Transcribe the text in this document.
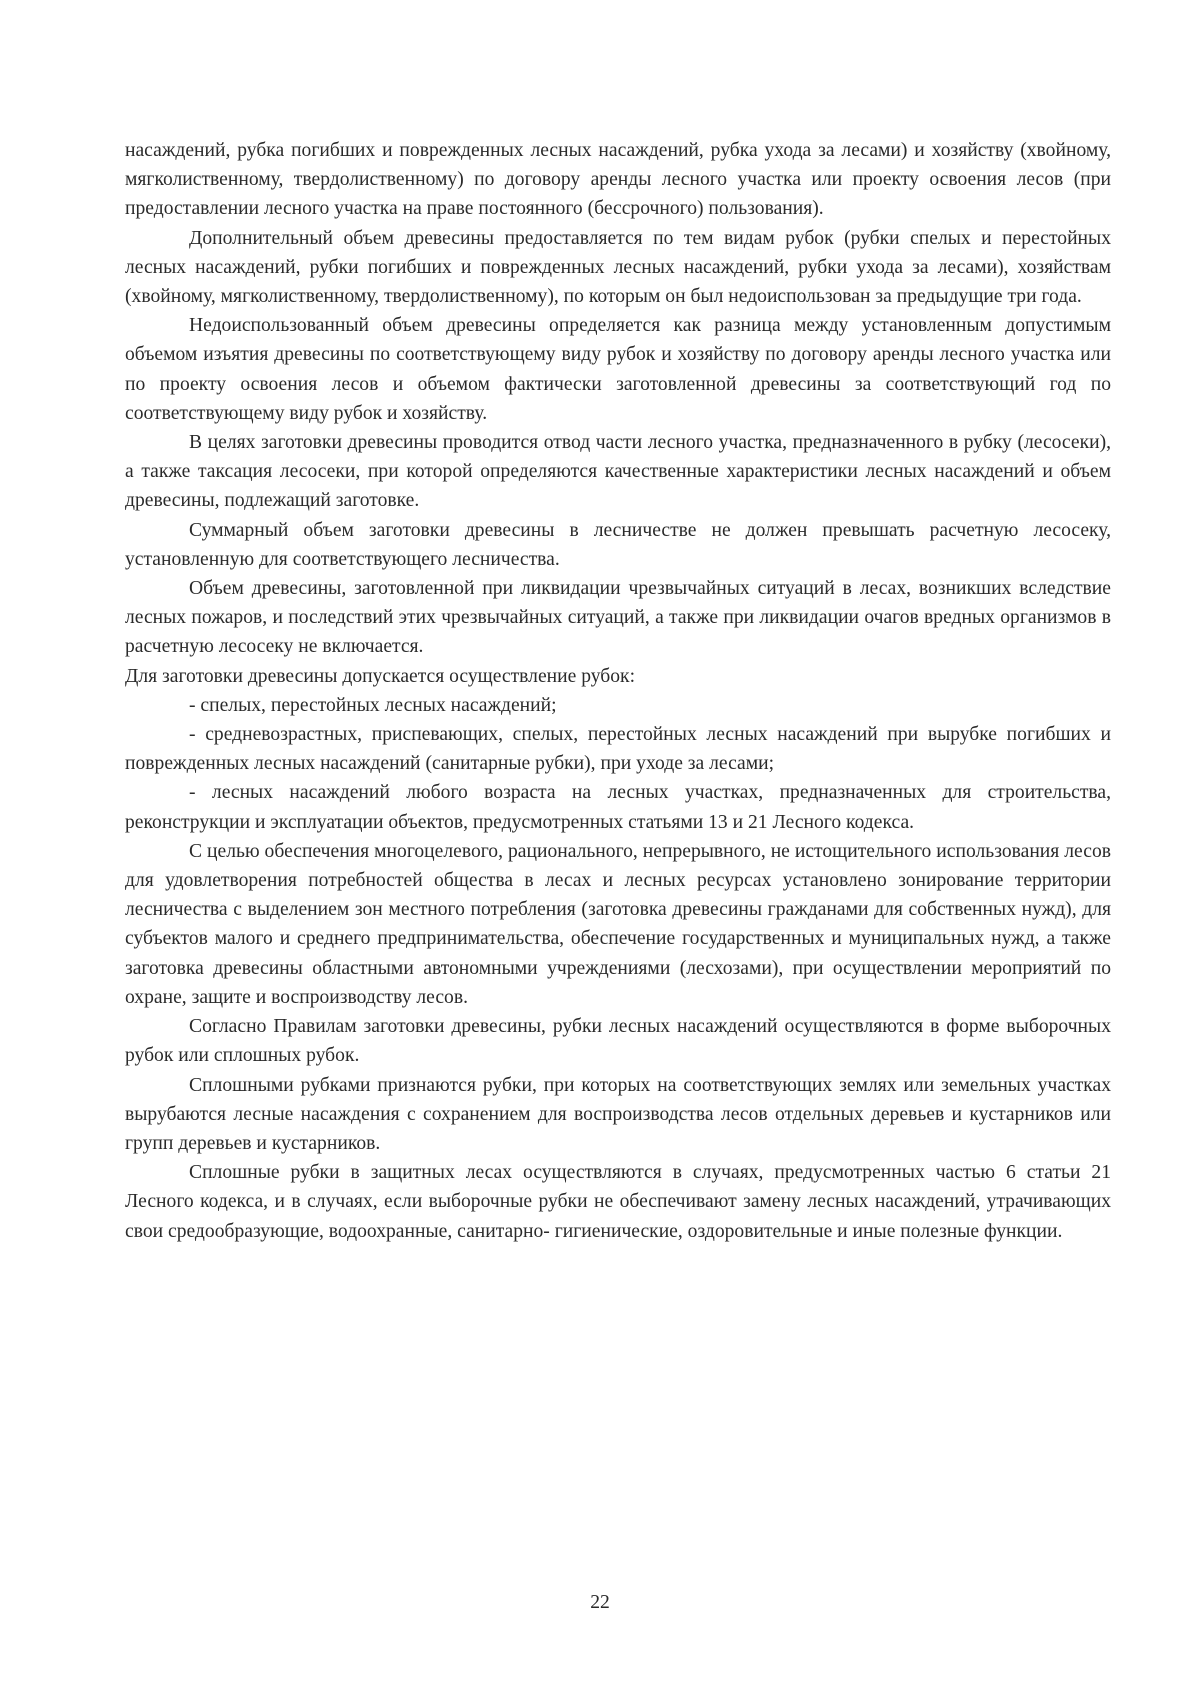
насаждений, рубка погибших и поврежденных лесных насаждений, рубка ухода за лесами) и хозяйству (хвойному, мягколиственному, твердолиственному) по договору аренды лесного участка или проекту освоения лесов (при предоставлении лесного участка на праве постоянного (бессрочного) пользования).

Дополнительный объем древесины предоставляется по тем видам рубок (рубки спелых и перестойных лесных насаждений, рубки погибших и поврежденных лесных насаждений, рубки ухода за лесами), хозяйствам (хвойному, мягколиственному, твердолиственному), по которым он был недоиспользован за предыдущие три года.

Недоиспользованный объем древесины определяется как разница между установленным допустимым объемом изъятия древесины по соответствующему виду рубок и хозяйству по договору аренды лесного участка или по проекту освоения лесов и объемом фактически заготовленной древесины за соответствующий год по соответствующему виду рубок и хозяйству.

В целях заготовки древесины проводится отвод части лесного участка, предназначенного в рубку (лесосеки), а также таксация лесосеки, при которой определяются качественные характеристики лесных насаждений и объем древесины, подлежащий заготовке.

Суммарный объем заготовки древесины в лесничестве не должен превышать расчетную лесосеку, установленную для соответствующего лесничества.

Объем древесины, заготовленной при ликвидации чрезвычайных ситуаций в лесах, возникших вследствие лесных пожаров, и последствий этих чрезвычайных ситуаций, а также при ликвидации очагов вредных организмов в расчетную лесосеку не включается.

Для заготовки древесины допускается осуществление рубок:

- спелых, перестойных лесных насаждений;

- средневозрастных, приспевающих, спелых, перестойных лесных насаждений при вырубке погибших и поврежденных лесных насаждений (санитарные рубки), при уходе за лесами;

- лесных насаждений любого возраста на лесных участках, предназначенных для строительства, реконструкции и эксплуатации объектов, предусмотренных статьями 13 и 21 Лесного кодекса.

С целью обеспечения многоцелевого, рационального, непрерывного, не истощительного использования лесов для удовлетворения потребностей общества в лесах и лесных ресурсах установлено зонирование территории лесничества с выделением зон местного потребления (заготовка древесины гражданами для собственных нужд), для субъектов малого и среднего предпринимательства, обеспечение государственных и муниципальных нужд, а также заготовка древесины областными автономными учреждениями (лесхозами), при осуществлении мероприятий по охране, защите и воспроизводству лесов.

Согласно Правилам заготовки древесины, рубки лесных насаждений осуществляются в форме выборочных рубок или сплошных рубок.

Сплошными рубками признаются рубки, при которых на соответствующих землях или земельных участках вырубаются лесные насаждения с сохранением для воспроизводства лесов отдельных деревьев и кустарников или групп деревьев и кустарников.

Сплошные рубки в защитных лесах осуществляются в случаях, предусмотренных частью 6 статьи 21 Лесного кодекса, и в случаях, если выборочные рубки не обеспечивают замену лесных насаждений, утрачивающих свои средообразующие, водоохранные, санитарно- гигиенические, оздоровительные и иные полезные функции.

22
